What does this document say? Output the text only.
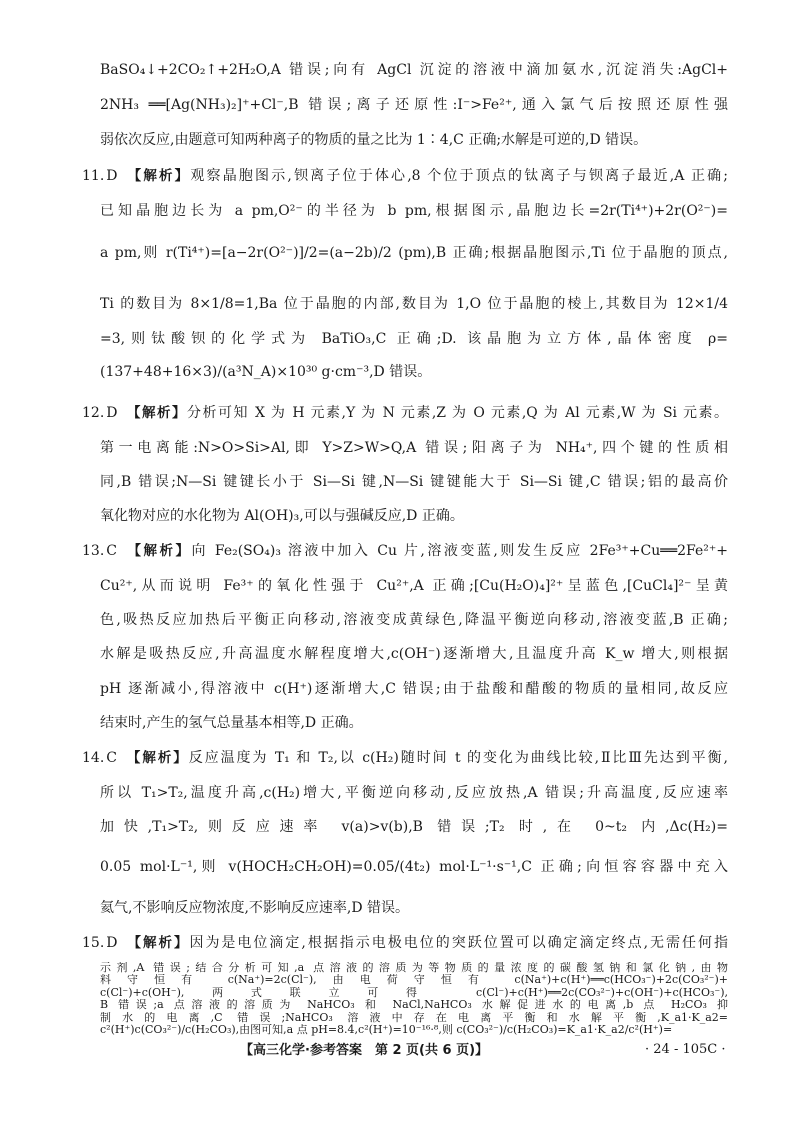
BaSO₄↓+2CO₂↑+2H₂O,A 错误;向有 AgCl 沉淀的溶液中滴加氨水,沉淀消失:AgCl+
2NH₃ ══[Ag(NH₃)₂]⁺+Cl⁻,B 错误;离子还原性:I⁻>Fe²⁺,通入氯气后按照还原性强
弱依次反应,由题意可知两种离子的物质的量之比为 1∶4,C 正确;水解是可逆的,D 错误。
11. D 【解析】观察晶胞图示,钡离子位于体心,8 个位于顶点的钛离子与钡离子最近,A 正确;
已知晶胞边长为 a pm,O²⁻的半径为 b pm,根据图示,晶胞边长=2r(Ti⁴⁺)+2r(O²⁻)=
a pm,则 r(Ti⁴⁺)=[a−2r(O²⁻)]/2=(a−2b)/2 (pm),B 正确;根据晶胞图示,Ti 位于晶胞的顶点,
Ti 的数目为 8×1/8=1,Ba 位于晶胞的内部,数目为 1,O 位于晶胞的棱上,其数目为 12×1/4
=3,则钛酸钡的化学式为 BaTiO₃,C 正确;D. 该晶胞为立方体,晶体密度 ρ=
(137+48+16×3)/(a³N_A)×10³⁰ g·cm⁻³,D 错误。
12. D 【解析】分析可知 X 为 H 元素,Y 为 N 元素,Z 为 O 元素,Q 为 Al 元素,W 为 Si 元素。
第一电离能:N>O>Si>Al,即 Y>Z>W>Q,A 错误;阳离子为 NH₄⁺,四个键的性质相
同,B 错误;N—Si 键键长小于 Si—Si 键,N—Si 键键能大于 Si—Si 键,C 错误;铝的最高价
氧化物对应的水化物为 Al(OH)₃,可以与强碱反应,D 正确。
13. C 【解析】向 Fe₂(SO₄)₃ 溶液中加入 Cu 片,溶液变蓝,则发生反应 2Fe³⁺+Cu══2Fe²⁺+
Cu²⁺,从而说明 Fe³⁺的氧化性强于 Cu²⁺,A 正确;[Cu(H₂O)₄]²⁺呈蓝色,[CuCl₄]²⁻呈黄
色,吸热反应加热后平衡正向移动,溶液变成黄绿色,降温平衡逆向移动,溶液变蓝,B 正确;
水解是吸热反应,升高温度水解程度增大,c(OH⁻)逐渐增大,且温度升高 K_w 增大,则根据
pH 逐渐减小,得溶液中 c(H⁺)逐渐增大,C 错误;由于盐酸和醋酸的物质的量相同,故反应
结束时,产生的氢气总量基本相等,D 正确。
14. C 【解析】反应温度为 T₁ 和 T₂,以 c(H₂)随时间 t 的变化为曲线比较,Ⅱ比Ⅲ先达到平衡,
所以 T₁>T₂,温度升高,c(H₂)增大,平衡逆向移动,反应放热,A 错误;升高温度,反应速率
加快,T₁>T₂,则反应速率 v(a)>v(b),B 错误;T₂ 时,在 0~t₂ 内,Δc(H₂)=
0.05 mol·L⁻¹,则 v(HOCH₂CH₂OH)=0.05/(4t₂) mol·L⁻¹·s⁻¹,C 正确;向恒容容器中充入
氦气,不影响反应物浓度,不影响反应速率,D 错误。
15. D 【解析】因为是电位滴定,根据指示电极电位的突跃位置可以确定滴定终点,无需任何指
示剂,A 错误;结合分析可知,a 点溶液的溶质为等物质的量浓度的碳酸氢钠和氯化钠,由物
料守恒有 c(Na⁺)=2c(Cl⁻),由电荷守恒有 c(Na⁺)+c(H⁺)══c(HCO₃⁻)+2c(CO₃²⁻)+
c(Cl⁻)+c(OH⁻),两式联立可得 c(Cl⁻)+c(H⁺)══2c(CO₃²⁻)+c(OH⁻)+c(HCO₃⁻),
【高三化学·参考答案　第 2 页(共 6 页)】	· 24 - 105C ·
B 错误;a 点溶液的溶质为 NaHCO₃ 和 NaCl,NaHCO₃ 水解促进水的电离,b 点 H₂CO₃ 抑
制水的电离,C 错误;NaHCO₃ 溶液中存在电离平衡和水解平衡,K_a1·K_a2=
c²(H⁺)c(CO₃²⁻)/c(H₂CO₃),由图可知,a 点 pH=8.4,c²(H⁺)=10⁻¹⁶·⁸,则 c(CO₃²⁻)/c(H₂CO₃)=K_a1·K_a2/c²(H⁺)=
